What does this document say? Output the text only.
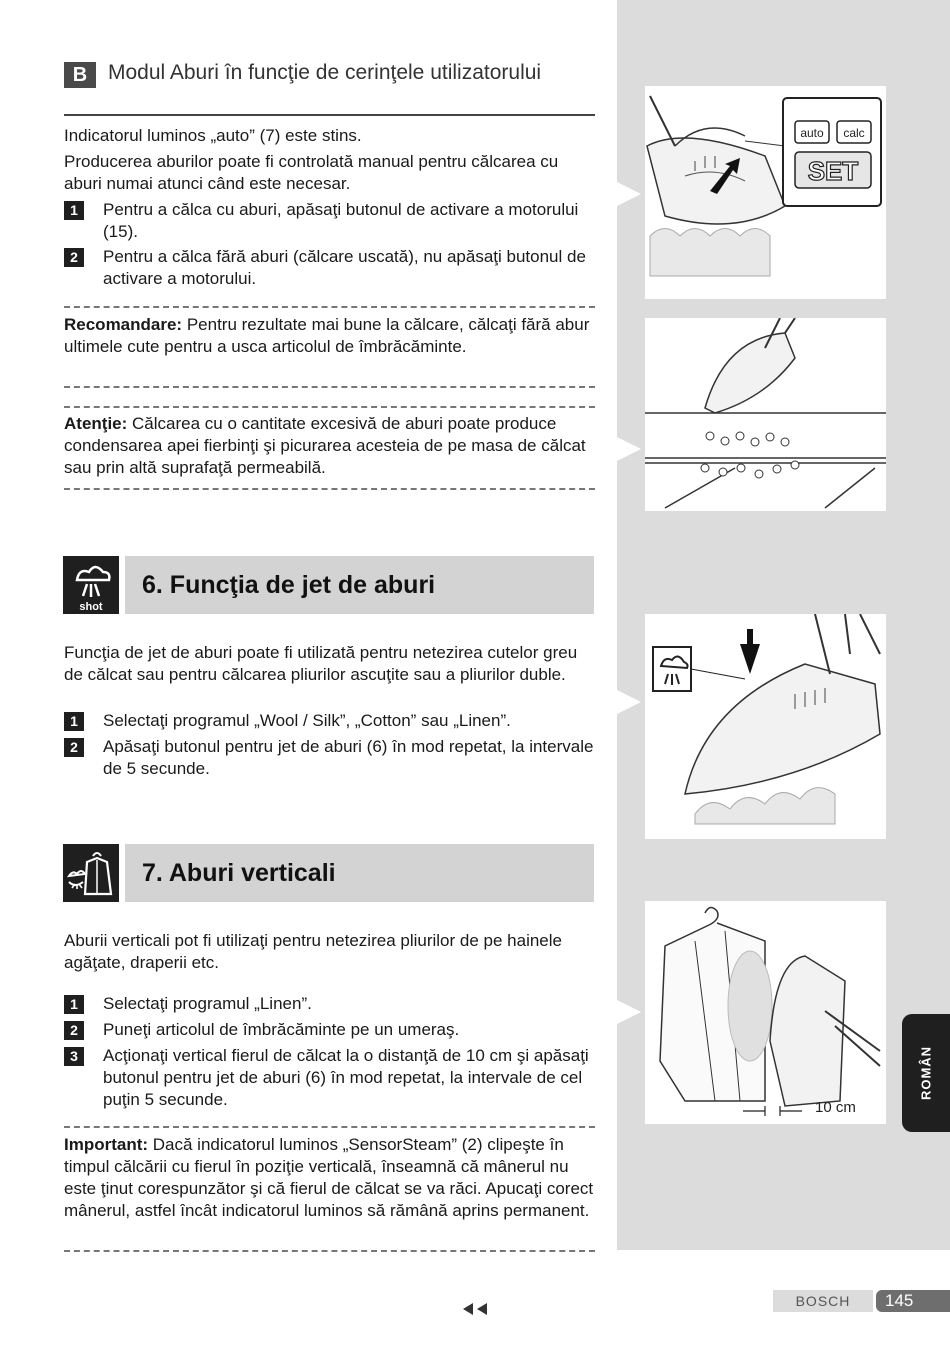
auto calc
SET
10 cm
ROMÂN
B Modul Aburi în funcţie de cerinţele utilizatorului

Indicatorul luminos „auto” (7) este stins.

Producerea aburilor poate fi controlată manual pentru călcarea cu aburi numai atunci când este necesar.

1	Pentru a călca cu aburi, apăsaţi butonul de activare a motorului (15).
2	Pentru a călca fără aburi (călcare uscată), nu apăsaţi butonul de activare a motorului.

Recomandare: Pentru rezultate mai bune la călcare, călcaţi fără abur ultimele cute pentru a usca articolul de îmbrăcăminte.

Atenţie: Călcarea cu o cantitate excesivă de aburi poate produce condensarea apei fierbinţi şi picurarea acesteia de pe masa de călcat sau prin altă suprafaţă permeabilă.

shot
6. Funcţia de jet de aburi

Funcţia de jet de aburi poate fi utilizată pentru netezirea cutelor greu de călcat sau pentru călcarea pliurilor ascuţite sau a pliurilor duble.

1	Selectaţi programul „Wool / Silk”, „Cotton” sau „Linen”.
2	Apăsaţi butonul pentru jet de aburi (6) în mod repetat, la intervale de 5 secunde.
7. Aburi verticali

Aburii verticali pot fi utilizaţi pentru netezirea pliurilor de pe hainele agăţate, draperii etc.

1	Selectaţi programul „Linen”.
2	Puneţi articolul de îmbrăcăminte pe un umeraş.
3	Acţionaţi vertical fierul de călcat la o distanţă de 10 cm şi apăsaţi butonul pentru jet de aburi (6) în mod repetat, la intervale de cel puţin 5 secunde.

Important: Dacă indicatorul luminos „SensorSteam” (2) clipeşte în timpul călcării cu fierul în poziţie verticală, înseamnă că mânerul nu este ţinut corespunzător şi că fierul de călcat se va răci. Apucaţi corect mânerul, astfel încât indicatorul luminos să rămână aprins permanent.

BOSCH	145
